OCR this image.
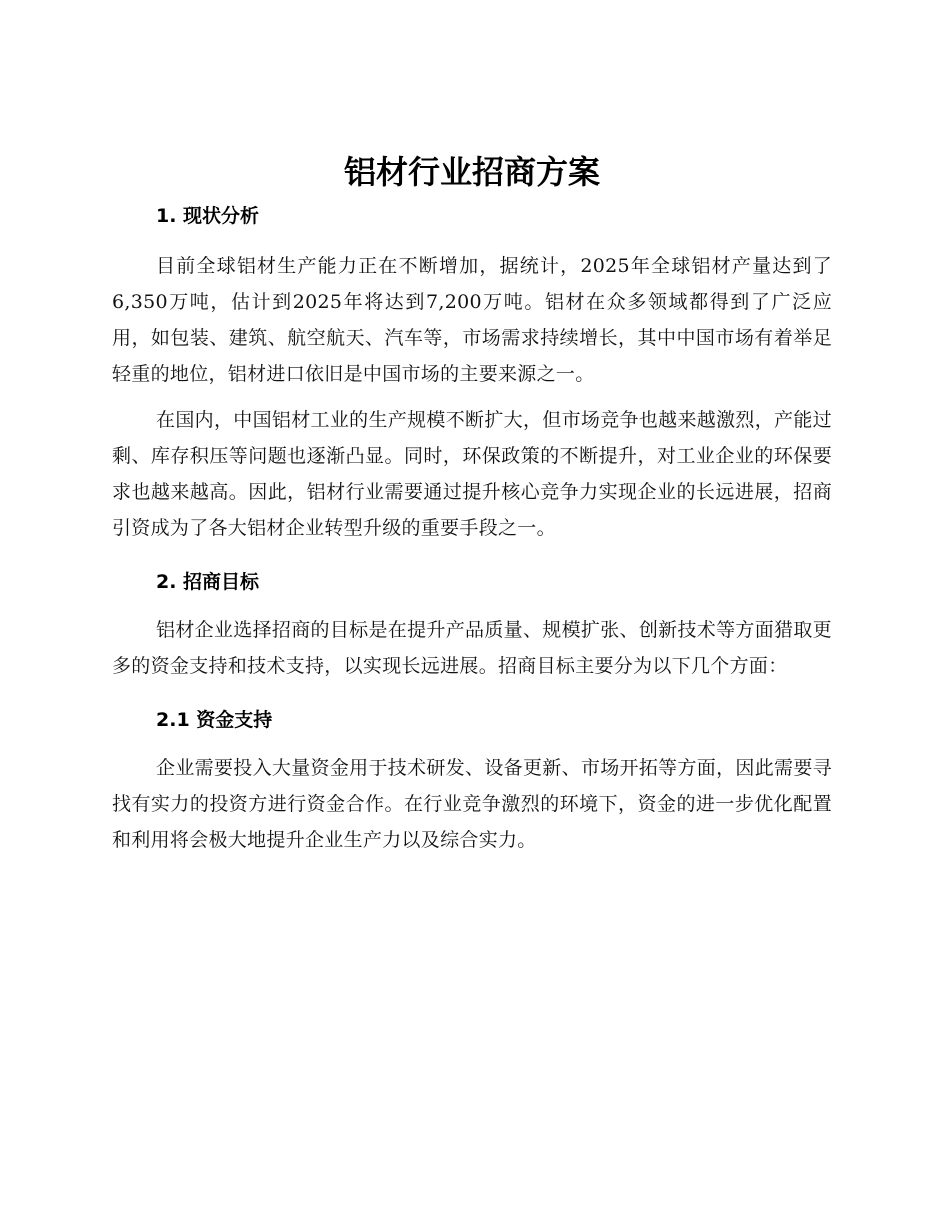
铝材行业招商方案
1. 现状分析

目前全球铝材生产能力正在不断增加，据统计，2025年全球铝材产量达到了6,350万吨，估计到2025年将达到7,200万吨。铝材在众多领域都得到了广泛应用，如包装、建筑、航空航天、汽车等，市场需求持续增长，其中中国市场有着举足轻重的地位，铝材进口依旧是中国市场的主要来源之一。

在国内，中国铝材工业的生产规模不断扩大，但市场竞争也越来越激烈，产能过剩、库存积压等问题也逐渐凸显。同时，环保政策的不断提升，对工业企业的环保要求也越来越高。因此，铝材行业需要通过提升核心竞争力实现企业的长远进展，招商引资成为了各大铝材企业转型升级的重要手段之一。

2. 招商目标

铝材企业选择招商的目标是在提升产品质量、规模扩张、创新技术等方面猎取更多的资金支持和技术支持，以实现长远进展。招商目标主要分为以下几个方面：

2.1 资金支持

企业需要投入大量资金用于技术研发、设备更新、市场开拓等方面，因此需要寻找有实力的投资方进行资金合作。在行业竞争激烈的环境下，资金的进一步优化配置和利用将会极大地提升企业生产力以及综合实力。
